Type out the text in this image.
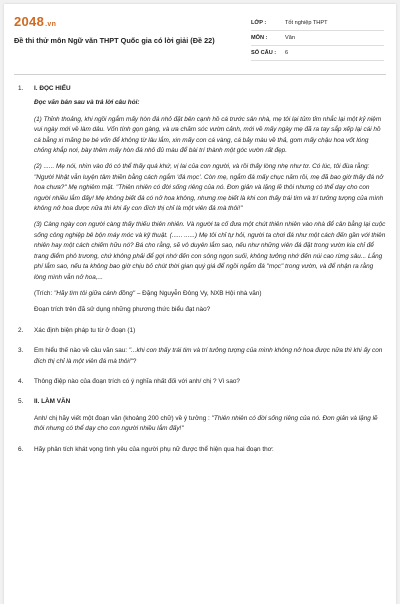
2048.vn
Đề thi thử môn Ngữ văn THPT Quốc gia có lời giải (Đề 22)
LỚP :	Tốt nghiệp THPT
MÔN :	Văn
SỐ CÂU :	6
1.	I. ĐỌC HIỂU
Đọc văn bản sau và trả lời câu hỏi:
(1) Thỉnh thoảng, khi ngồi ngắm mấy hòn đá nhỏ đặt bên cạnh hồ cá trước sân nhà, mẹ tôi lại tủm tỉm nhắc lại một kỷ niệm vui ngày mới về làm dâu. Vốn tính gọn gàng, và ưa chăm sóc vườn cảnh, mới về mấy ngày mẹ đã ra tay sắp xếp lại cái hồ cá bằng xi măng be bé vốn để không từ lâu lắm, xin mấy con cá vàng, cá bảy màu về thả, gom mấy chậu hoa vốt lóng chỏng khắp nơi, bày thêm mấy hòn đá nhỏ đủ màu để bài trí thành một góc vườn rất đẹp.
(2) ...... Mẹ nói, nhìn vào đó có thể thấy quá khứ, vị lai của con người, và rồi thấy lòng nhẹ như tơ. Có lúc, tôi đùa rằng: "Người Nhật vẫn luyện tâm thiền bằng cách ngắm 'đá mọc'. Còn mẹ, ngắm đá mấy chục năm rồi, mẹ đã bao giờ thấy đá nở hoa chưa?" Mẹ nghiêm mặt. "Thiên nhiên có đời sống riêng của nó. Đơn giản và lặng lẽ thôi nhưng có thể dạy cho con người nhiều lắm đấy! Mẹ không biết đá có nở hoa không, nhưng mẹ biết là khi con thấy trái tim và trí tưởng tượng của mình không nở hoa được nữa thì khi ấy con đích thị chỉ là một viên đá mà thôi!"
(3) Càng ngày con người càng thấy thiếu thiên nhiên. Và người ta cố đưa một chút thiên nhiên vào nhà để cân bằng lại cuộc sống công nghiệp bê bộn máy móc và kỹ thuật. (...... ......) Mẹ tôi chỉ tự hỏi, người ta chơi đá như một cách đến gần với thiên nhiên hay một cách chiếm hữu nó? Bá cho rằng, sẽ vô duyên lắm sao, nếu như những viên đá đặt trong vườn kia chỉ để trang điểm phô trương, chứ không phải để gợi nhớ đến con sông ngọn suối, không tưởng nhớ đến núi cao rừng sâu... Lắng phí lắm sao, nếu ta không bao giờ chịu bỏ chút thời gian quý giá để ngồi ngắm đá "mọc" trong vườn, và để nhận ra rằng lòng mình vẫn nở hoa,...
(Trích: "Hãy tìm tôi giữa cánh đồng" – Đặng Nguyễn Đông Vy, NXB Hội nhà văn)
Đoạn trích trên đã sử dụng những phương thức biểu đạt nào?
2.	Xác định biện pháp tu từ ở đoạn (1)
3.	Em hiểu thế nào về câu văn sau: "...khi con thấy trái tim và trí tưởng tượng của mình không nở hoa được nữa thì khi ấy con đích thị chỉ là một viên đá mà thôi!"?
4.	Thông điệp nào của đoạn trích có ý nghĩa nhất đối với anh/ chị ? Vì sao?
5.	II. LÀM VĂN
Anh/ chị hãy viết một đoạn văn (khoảng 200 chữ) về ý tưởng : "Thiên nhiên có đời sống riêng của nó. Đơn giản và lặng lẽ thôi nhưng có thể dạy cho con người nhiều lắm đấy!"
6.	Hãy phân tích khát vọng tình yêu của người phụ nữ được thể hiện qua hai đoạn thơ:
